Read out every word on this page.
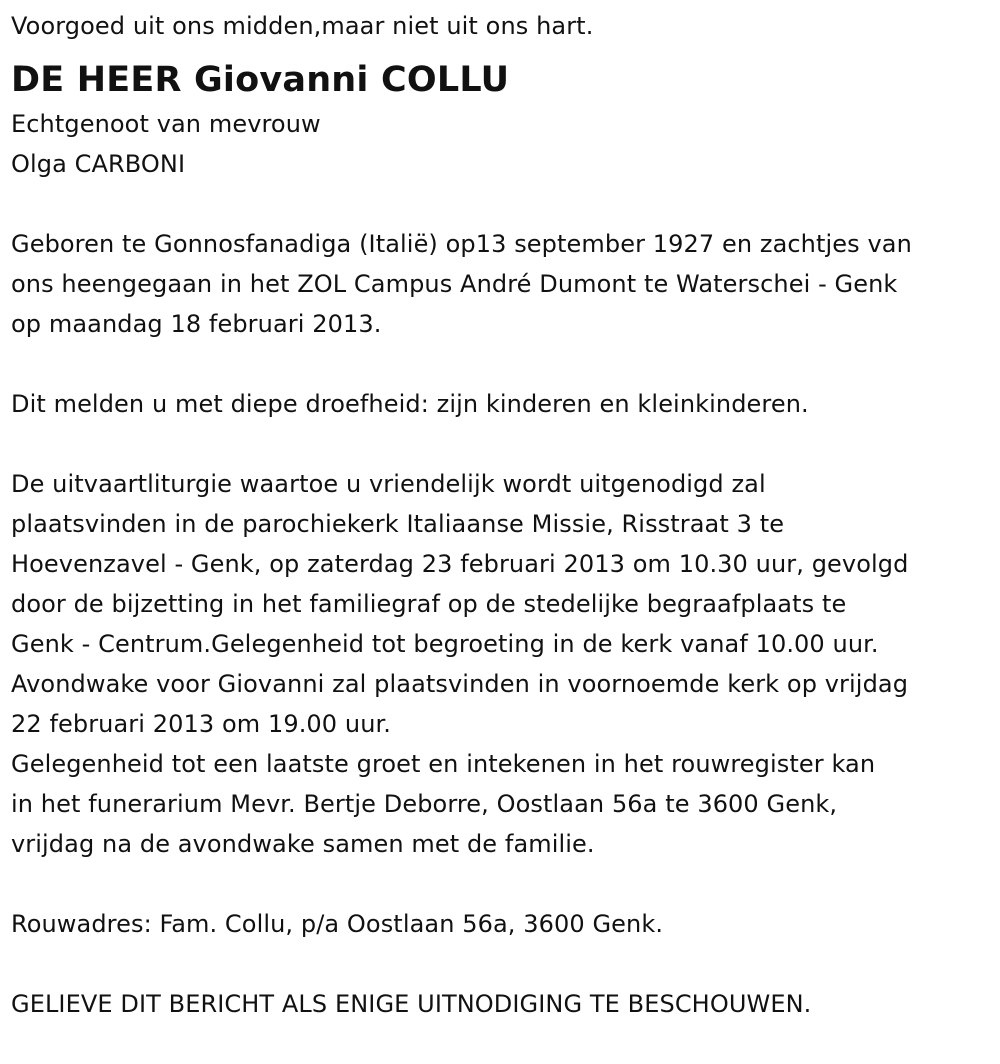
Voorgoed uit ons midden,maar niet uit ons hart.
DE HEER Giovanni COLLU
Echtgenoot van mevrouw
Olga CARBONI
Geboren te Gonnosfanadiga (Italië) op13 september 1927 en zachtjes van
ons heengegaan in het ZOL Campus André Dumont te Waterschei - Genk
op maandag 18 februari 2013.
Dit melden u met diepe droefheid: zijn kinderen en kleinkinderen.
De uitvaartliturgie waartoe u vriendelijk wordt uitgenodigd zal
plaatsvinden in de parochiekerk Italiaanse Missie, Risstraat 3 te
Hoevenzavel - Genk, op zaterdag 23 februari 2013 om 10.30 uur, gevolgd
door de bijzetting in het familiegraf op de stedelijke begraafplaats te
Genk - Centrum.Gelegenheid tot begroeting in de kerk vanaf 10.00 uur.
Avondwake voor Giovanni zal plaatsvinden in voornoemde kerk op vrijdag
22 februari 2013 om 19.00 uur.
Gelegenheid tot een laatste groet en intekenen in het rouwregister kan
in het funerarium Mevr. Bertje Deborre, Oostlaan 56a te 3600 Genk,
vrijdag na de avondwake samen met de familie.
Rouwadres: Fam. Collu, p/a Oostlaan 56a, 3600 Genk.
GELIEVE DIT BERICHT ALS ENIGE UITNODIGING TE BESCHOUWEN.
